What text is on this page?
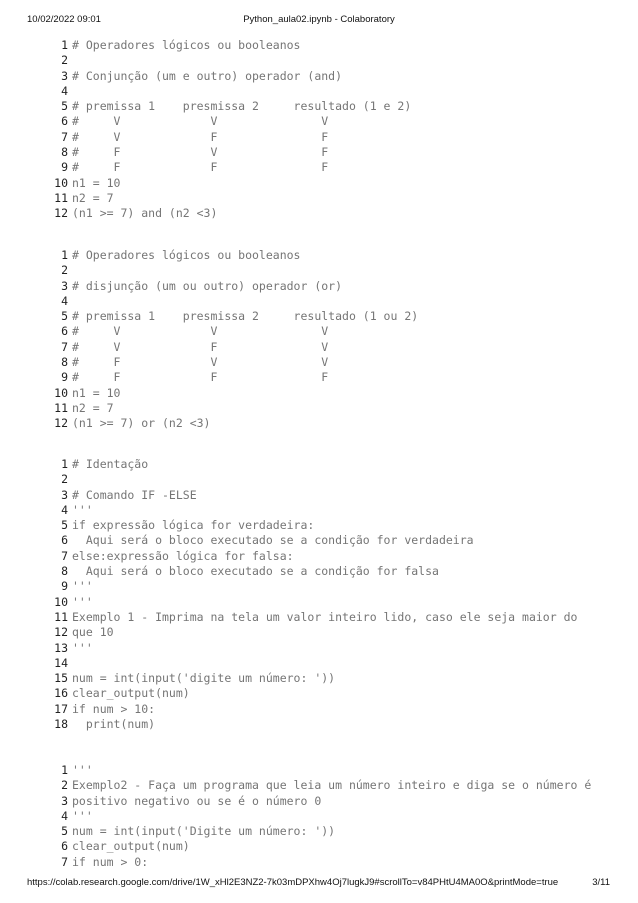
10/02/2022 09:01	Python_aula02.ipynb - Colaboratory
1 # Operadores lógicos ou booleanos
2
3 # Conjunção (um e outro) operador (and)
4
5 # premissa 1    presmissa 2     resultado (1 e 2)
6 #     V             V               V
7 #     V             F               F
8 #     F             V               F
9 #     F             F               F
10 n1 = 10
11 n2 = 7
12 (n1 >= 7) and (n2 <3)
1 # Operadores lógicos ou booleanos
2
3 # disjunção (um ou outro) operador (or)
4
5 # premissa 1    presmissa 2     resultado (1 ou 2)
6 #     V             V               V
7 #     V             F               V
8 #     F             V               V
9 #     F             F               F
10 n1 = 10
11 n2 = 7
12 (n1 >= 7) or (n2 <3)
1 # Identação
2
3 # Comando IF -ELSE
4 '''
5 if expressão lógica for verdadeira:
6 Aqui será o bloco executado se a condição for verdadeira
7 else:expressão lógica for falsa:
8 Aqui será o bloco executado se a condição for falsa
9 '''
10 '''
11 Exemplo 1 - Imprima na tela um valor inteiro lido, caso ele seja maior do
12 que 10
13 '''
14
15 num = int(input('digite um número: '))
16 clear_output(num)
17 if num > 10:
18 print(num)
1 '''
2 Exemplo2 - Faça um programa que leia um número inteiro e diga se o número é
3 positivo negativo ou se é o número 0
4 '''
5 num = int(input('Digite um número: '))
6 clear_output(num)
7 if num > 0:

https://colab.research.google.com/drive/1W_xHl2E3NZ2-7k03mDPXhw4Oj7lugkJ9#scrollTo=v84PHtU4MA0O&printMode=true	3/11
